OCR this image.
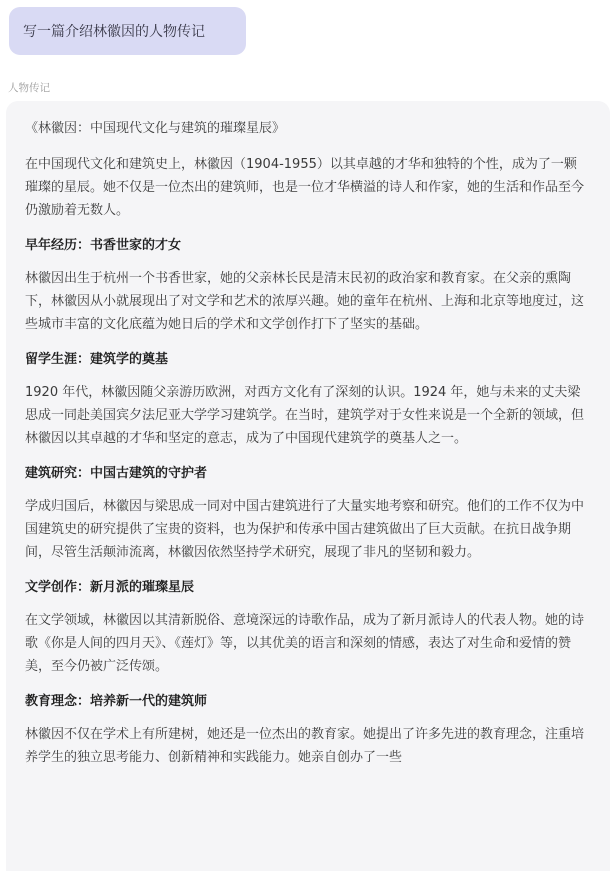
写一篇介绍林徽因的人物传记
人物传记

《林徽因：中国现代文化与建筑的璀璨星辰》

在中国现代文化和建筑史上，林徽因（1904-1955）以其卓越的才华和独特的个性，成为了一颗璀璨的星辰。她不仅是一位杰出的建筑师，也是一位才华横溢的诗人和作家，她的生活和作品至今仍激励着无数人。

早年经历：书香世家的才女

林徽因出生于杭州一个书香世家，她的父亲林长民是清末民初的政治家和教育家。在父亲的熏陶下，林徽因从小就展现出了对文学和艺术的浓厚兴趣。她的童年在杭州、上海和北京等地度过，这些城市丰富的文化底蕴为她日后的学术和文学创作打下了坚实的基础。

留学生涯：建筑学的奠基

1920 年代，林徽因随父亲游历欧洲，对西方文化有了深刻的认识。1924 年，她与未来的丈夫梁思成一同赴美国宾夕法尼亚大学学习建筑学。在当时，建筑学对于女性来说是一个全新的领域，但林徽因以其卓越的才华和坚定的意志，成为了中国现代建筑学的奠基人之一。

建筑研究：中国古建筑的守护者

学成归国后，林徽因与梁思成一同对中国古建筑进行了大量实地考察和研究。他们的工作不仅为中国建筑史的研究提供了宝贵的资料，也为保护和传承中国古建筑做出了巨大贡献。在抗日战争期间，尽管生活颠沛流离，林徽因依然坚持学术研究，展现了非凡的坚韧和毅力。

文学创作：新月派的璀璨星辰

在文学领域，林徽因以其清新脱俗、意境深远的诗歌作品，成为了新月派诗人的代表人物。她的诗歌《你是人间的四月天》、《莲灯》等，以其优美的语言和深刻的情感，表达了对生命和爱情的赞美，至今仍被广泛传颂。

教育理念：培养新一代的建筑师

林徽因不仅在学术上有所建树，她还是一位杰出的教育家。她提出了许多先进的教育理念，注重培养学生的独立思考能力、创新精神和实践能力。她亲自创办了一些
